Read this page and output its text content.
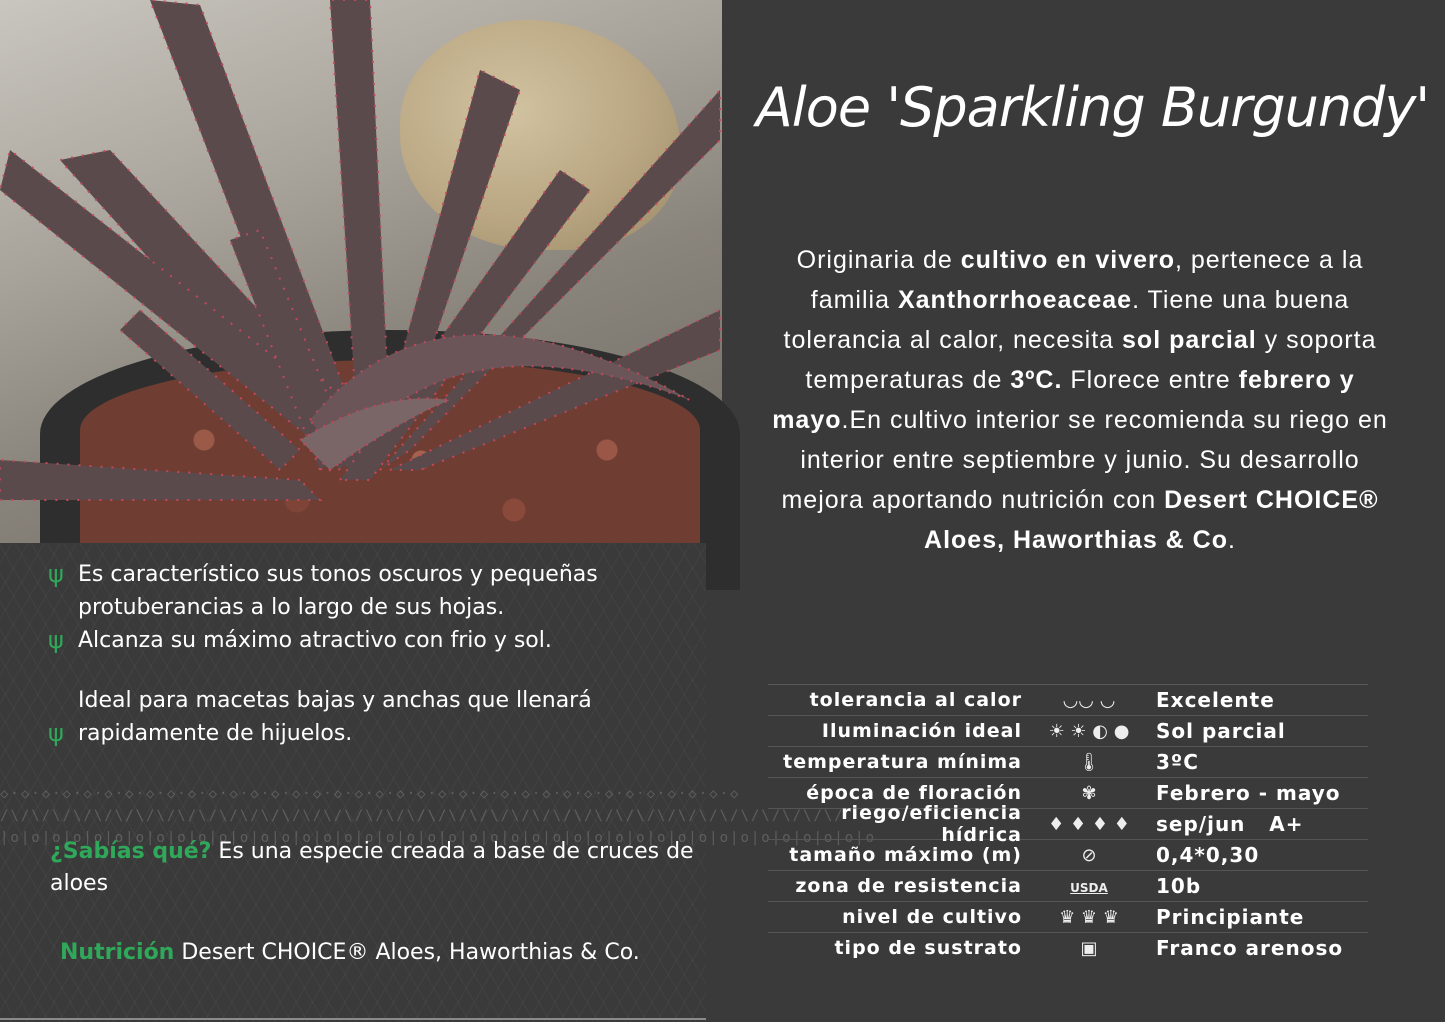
ψ Es característico sus tonos oscuros y pequeñas protuberancias a lo largo de sus hojas.

ψ Alcanza su máximo atractivo con frio y sol.

ψ
Ideal para macetas bajas y anchas que llenará rapidamente de hijuelos.

◇·◇·◇·◇·◇·◇·◇·◇·◇·◇·◇·◇·◇·◇·◇·◇·◇·◇·◇·◇·◇·◇·◇·◇·◇·◇·◇·◇·◇·◇·◇·◇·◇·◇·◇·◇
/\/\/\/\/\/\/\/\/\/\/\/\/\/\/\/\/\/\/\/\/\/\/\/\/\/\/\/\/\/\/\/\/\/\/\/\/\/\/\/\/
|o|o|o|o|o|o|o|o|o|o|o|o|o|o|o|o|o|o|o|o|o|o|o|o|o|o|o|o|o|o|o|o|o|o|o|o|o|o|o|o|o|o
¿Sabías qué? Es una especie creada a base de cruces de aloes
Nutrición Desert CHOICE® Aloes, Haworthias & Co.
Aloe 'Sparkling Burgundy'
Originaria de cultivo en vivero, pertenece a la familia Xanthorrhoeaceae. Tiene una buena tolerancia al calor, necesita sol parcial y soporta temperaturas de 3ºC. Florece entre febrero y mayo.En cultivo interior se recomienda su riego en interior entre septiembre y junio. Su desarrollo mejora aportando nutrición con Desert CHOICE® Aloes, Haworthias & Co.
tolerancia al calor	◡◡ ◡	Excelente
Iluminación ideal	☀ ☀ ◐ ●	Sol parcial
temperatura mínima	🌡	3ºC
época de floración	✾	Febrero - mayo
riego/eficiencia hídrica	♦ ♦ ♦ ♦	sep/jun   A+
tamaño máximo (m)	⊘	0,4*0,30
zona de resistencia	USDA	10b
nivel de cultivo	♛ ♛ ♛	Principiante
tipo de sustrato	▣	Franco arenoso
